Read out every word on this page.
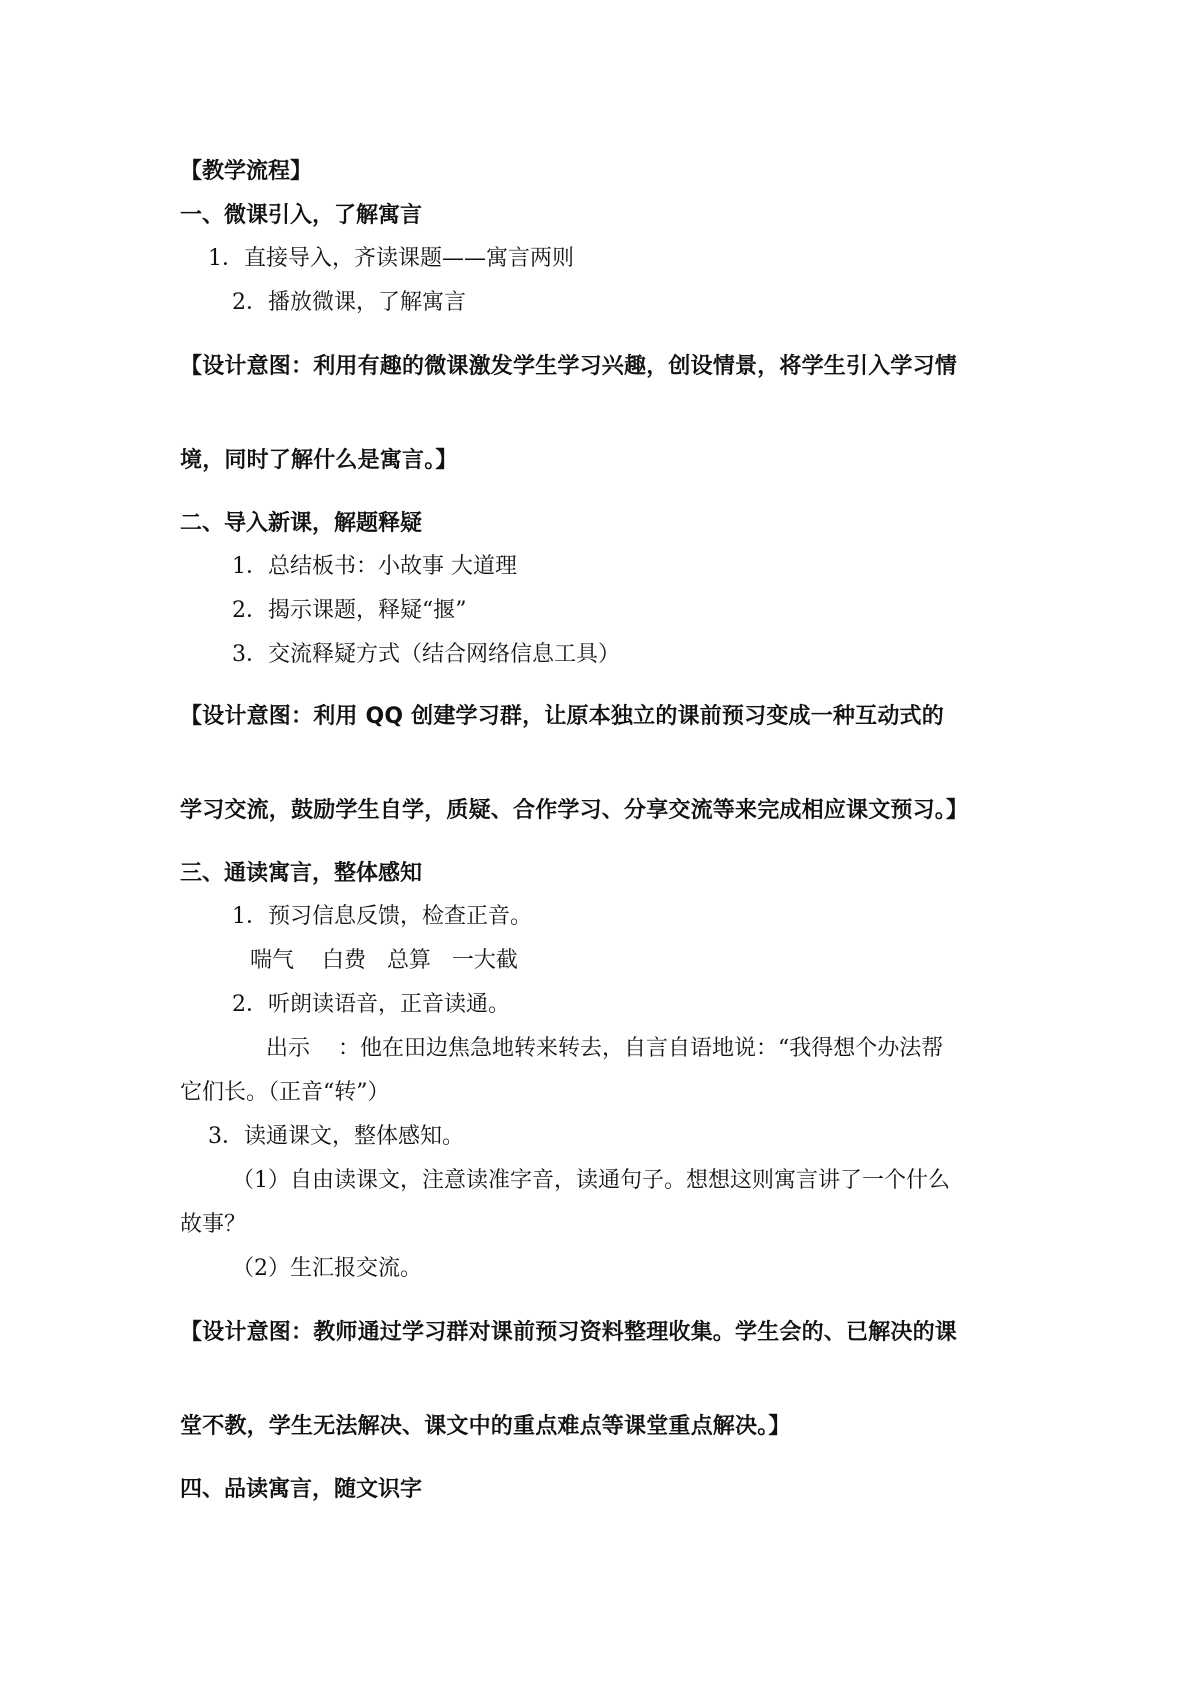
【教学流程】
一、微课引入，了解寓言
1．直接导入，齐读课题——寓言两则
2．播放微课，了解寓言
【设计意图：利用有趣的微课激发学生学习兴趣，创设情景，将学生引入学习情
境，同时了解什么是寓言。】
二、导入新课，解题释疑
1．总结板书：小故事 大道理
2．揭示课题，释疑“揠”
3．交流释疑方式（结合网络信息工具）
【设计意图：利用 QQ 创建学习群，让原本独立的课前预习变成一种互动式的
学习交流，鼓励学生自学，质疑、合作学习、分享交流等来完成相应课文预习。】
三、通读寓言，整体感知
1．预习信息反馈，检查正音。
喘气    白费   总算   一大截
2．听朗读语音，正音读通。
出示    ：他在田边焦急地转来转去，自言自语地说：“我得想个办法帮
它们长。（正音“转”）
3．读通课文，整体感知。
（1）自由读课文，注意读准字音，读通句子。想想这则寓言讲了一个什么
故事？
（2）生汇报交流。
【设计意图：教师通过学习群对课前预习资料整理收集。学生会的、已解决的课
堂不教，学生无法解决、课文中的重点难点等课堂重点解决。】
四、品读寓言，随文识字
